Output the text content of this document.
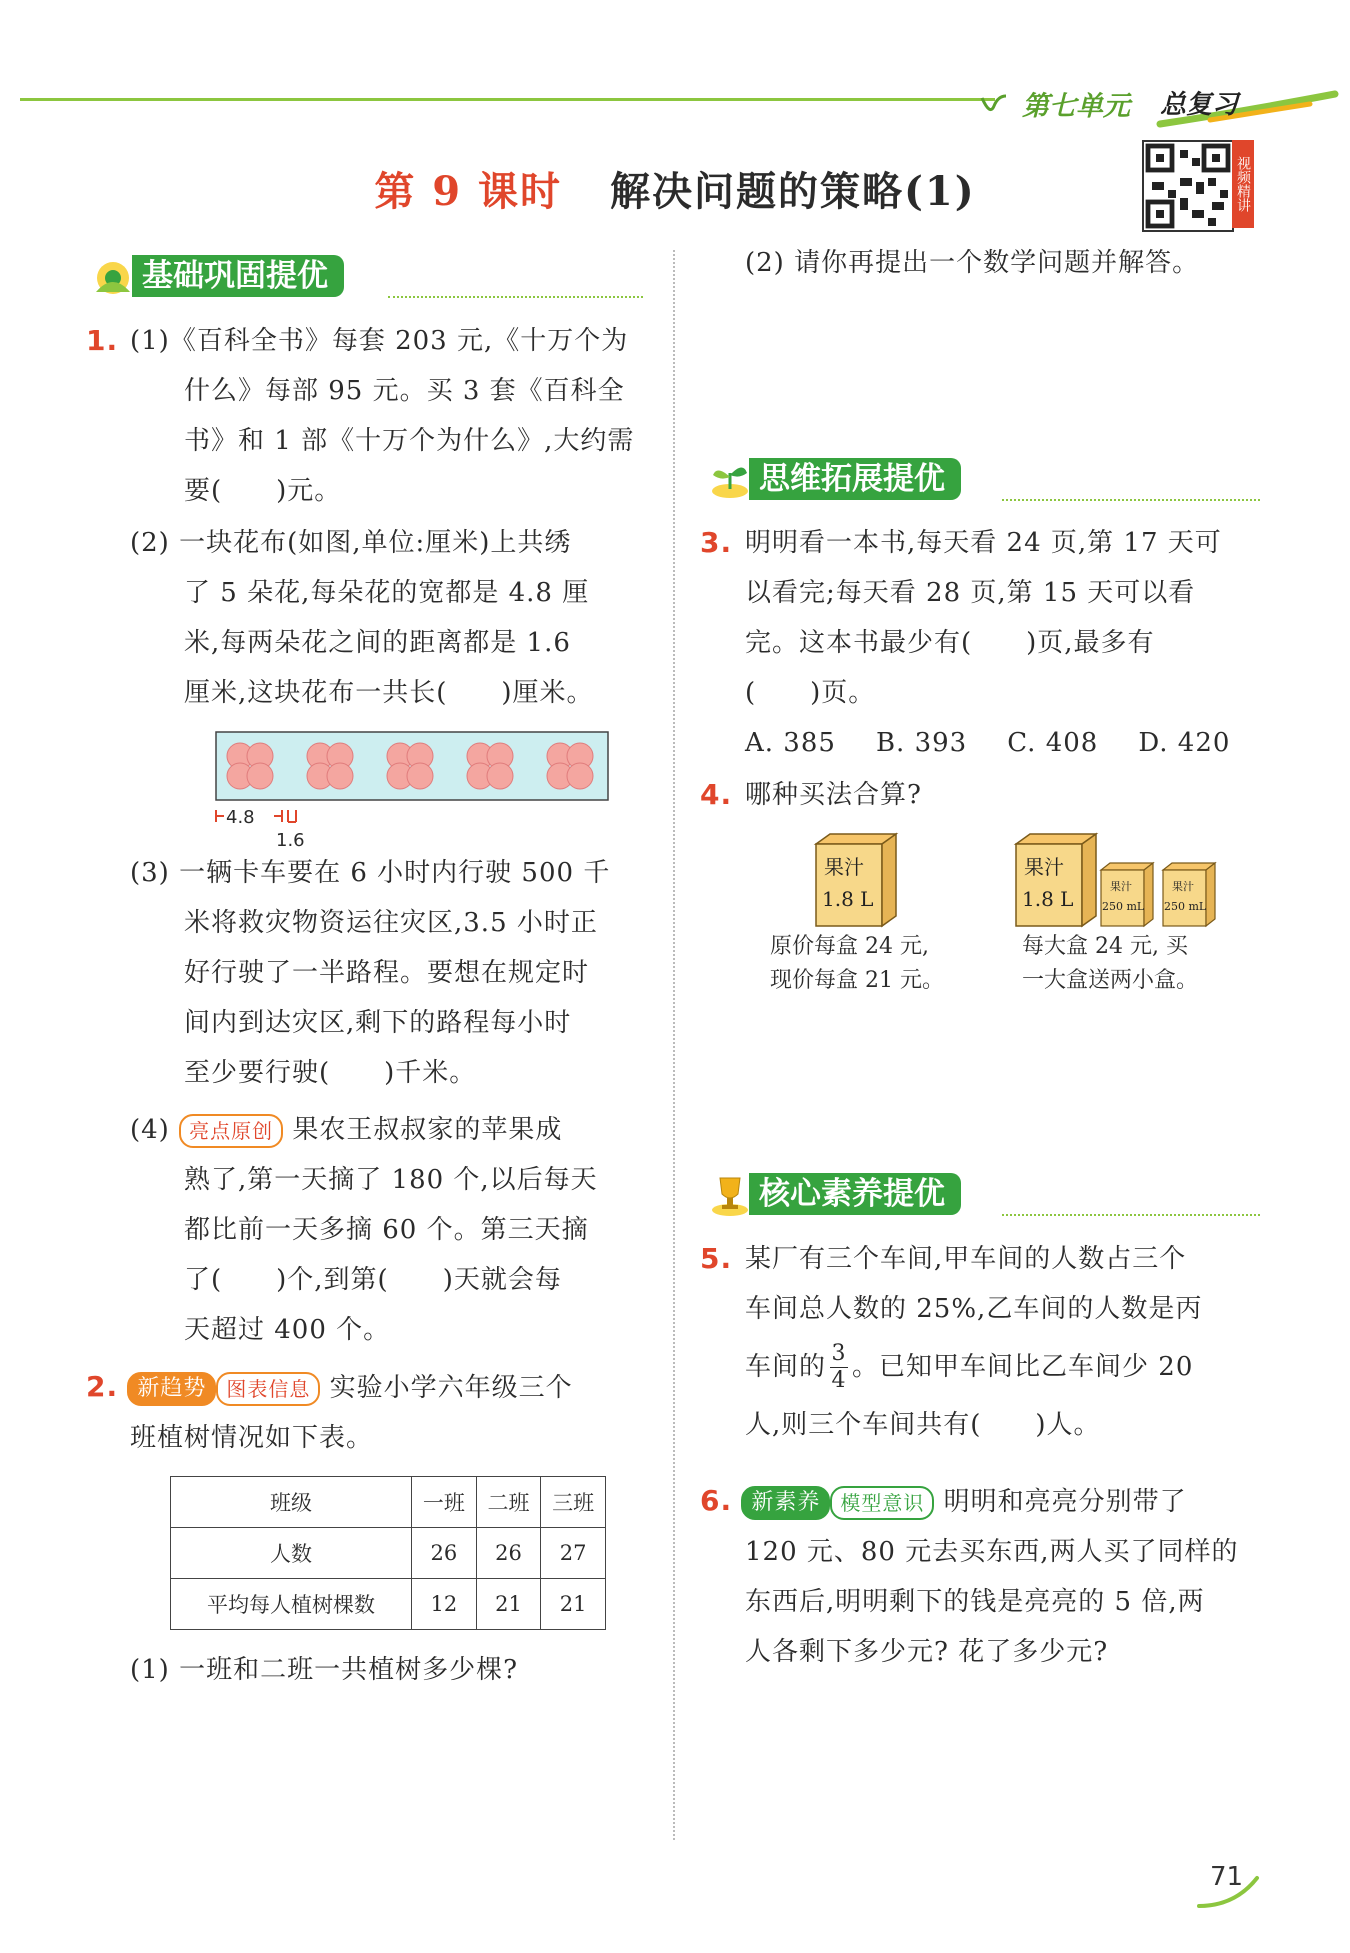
第七单元 总复习
第 9 课时 解决问题的策略(1)	视频精讲
基础巩固提优
1. (1)《百科全书》每套 203 元,《十万个为
什么》每部 95 元。买 3 套《百科全
书》和 1 部《十万个为什么》,大约需
要(　　)元。
(2) 一块花布(如图,单位:厘米)上共绣
了 5 朵花,每朵花的宽都是 4.8 厘
米,每两朵花之间的距离都是 1.6
厘米,这块花布一共长(　　)厘米。
4.8
1.6
(3) 一辆卡车要在 6 小时内行驶 500 千
米将救灾物资运往灾区,3.5 小时正
好行驶了一半路程。要想在规定时
间内到达灾区,剩下的路程每小时
至少要行驶(　　)千米。
(4) 亮点原创 果农王叔叔家的苹果成
熟了,第一天摘了 180 个,以后每天
都比前一天多摘 60 个。第三天摘
了(　　)个,到第(　　)天就会每
天超过 400 个。
2. 新趋势 图表信息 实验小学六年级三个
班植树情况如下表。
班级	一班	二班	三班
人数	26	26	27
平均每人植树棵数	12	21	21
(1) 一班和二班一共植树多少棵?
(2) 请你再提出一个数学问题并解答。
思维拓展提优
3. 明明看一本书,每天看 24 页,第 17 天可
以看完;每天看 28 页,第 15 天可以看
完。这本书最少有(　　)页,最多有
(　　)页。
A. 385 B. 393 C. 408 D. 420
4. 哪种买法合算?
果汁
1.8 L
原价每盒 24 元,
现价每盒 21 元。
果汁
1.8 L
果汁
250 mL
果汁
250 mL
每大盒 24 元, 买
一大盒送两小盒。
核心素养提优
5. 某厂有三个车间,甲车间的人数占三个
车间总人数的 25%,乙车间的人数是丙
车间的 3
4 。已知甲车间比乙车间少 20
人,则三个车间共有(　　)人。
6. 新素养 模型意识 明明和亮亮分别带了
120 元、80 元去买东西,两人买了同样的
东西后,明明剩下的钱是亮亮的 5 倍,两
人各剩下多少元? 花了多少元?
71
